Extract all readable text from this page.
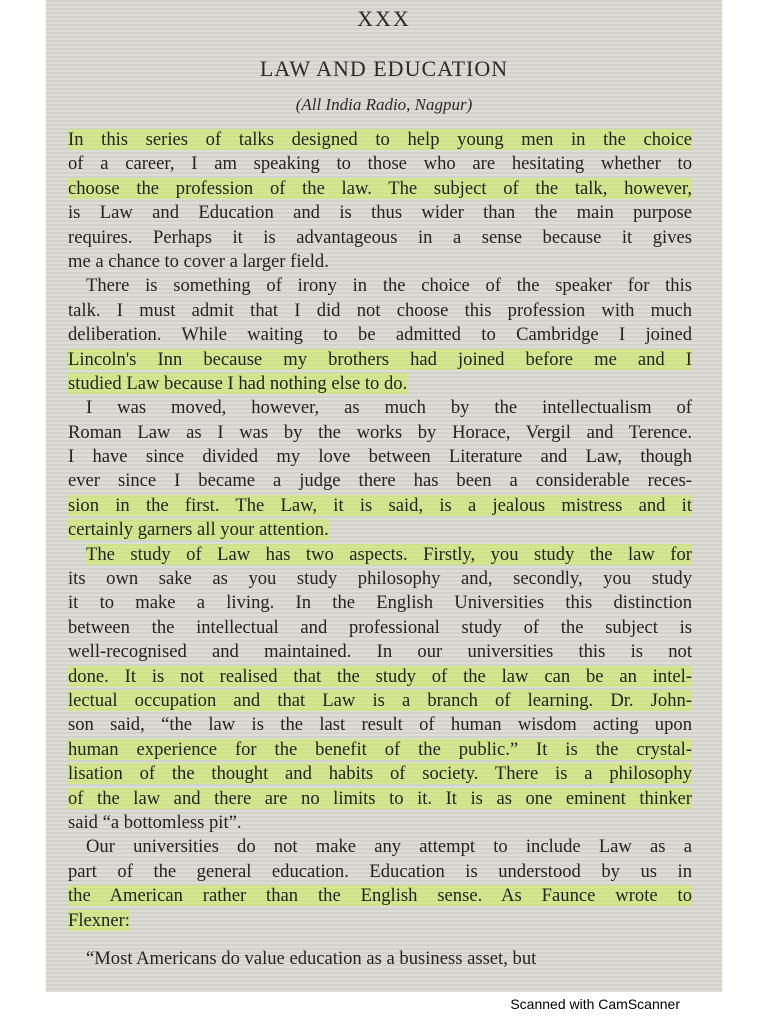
XXX
LAW AND EDUCATION
(All India Radio, Nagpur)
In this series of talks designed to help young men in the choice
of a career, I am speaking to those who are hesitating whether to
choose the profession of the law. The subject of the talk, however,
is Law and Education and is thus wider than the main purpose
requires. Perhaps it is advantageous in a sense because it gives
me a chance to cover a larger field.
There is something of irony in the choice of the speaker for this
talk. I must admit that I did not choose this profession with much
deliberation. While waiting to be admitted to Cambridge I joined
Lincoln's Inn because my brothers had joined before me and I
studied Law because I had nothing else to do.
I was moved, however, as much by the intellectualism of
Roman Law as I was by the works by Horace, Vergil and Terence.
I have since divided my love between Literature and Law, though
ever since I became a judge there has been a considerable reces-
sion in the first. The Law, it is said, is a jealous mistress and it
certainly garners all your attention.
The study of Law has two aspects. Firstly, you study the law for
its own sake as you study philosophy and, secondly, you study
it to make a living. In the English Universities this distinction
between the intellectual and professional study of the subject is
well-recognised and maintained. In our universities this is not
done. It is not realised that the study of the law can be an intel-
lectual occupation and that Law is a branch of learning. Dr. John-
son said, “the law is the last result of human wisdom acting upon
human experience for the benefit of the public.” It is the crystal-
lisation of the thought and habits of society. There is a philosophy
of the law and there are no limits to it. It is as one eminent thinker
said “a bottomless pit”.
Our universities do not make any attempt to include Law as a
part of the general education. Education is understood by us in
the American rather than the English sense. As Faunce wrote to
Flexner:
“Most Americans do value education as a business asset, but
Scanned with CamScanner
